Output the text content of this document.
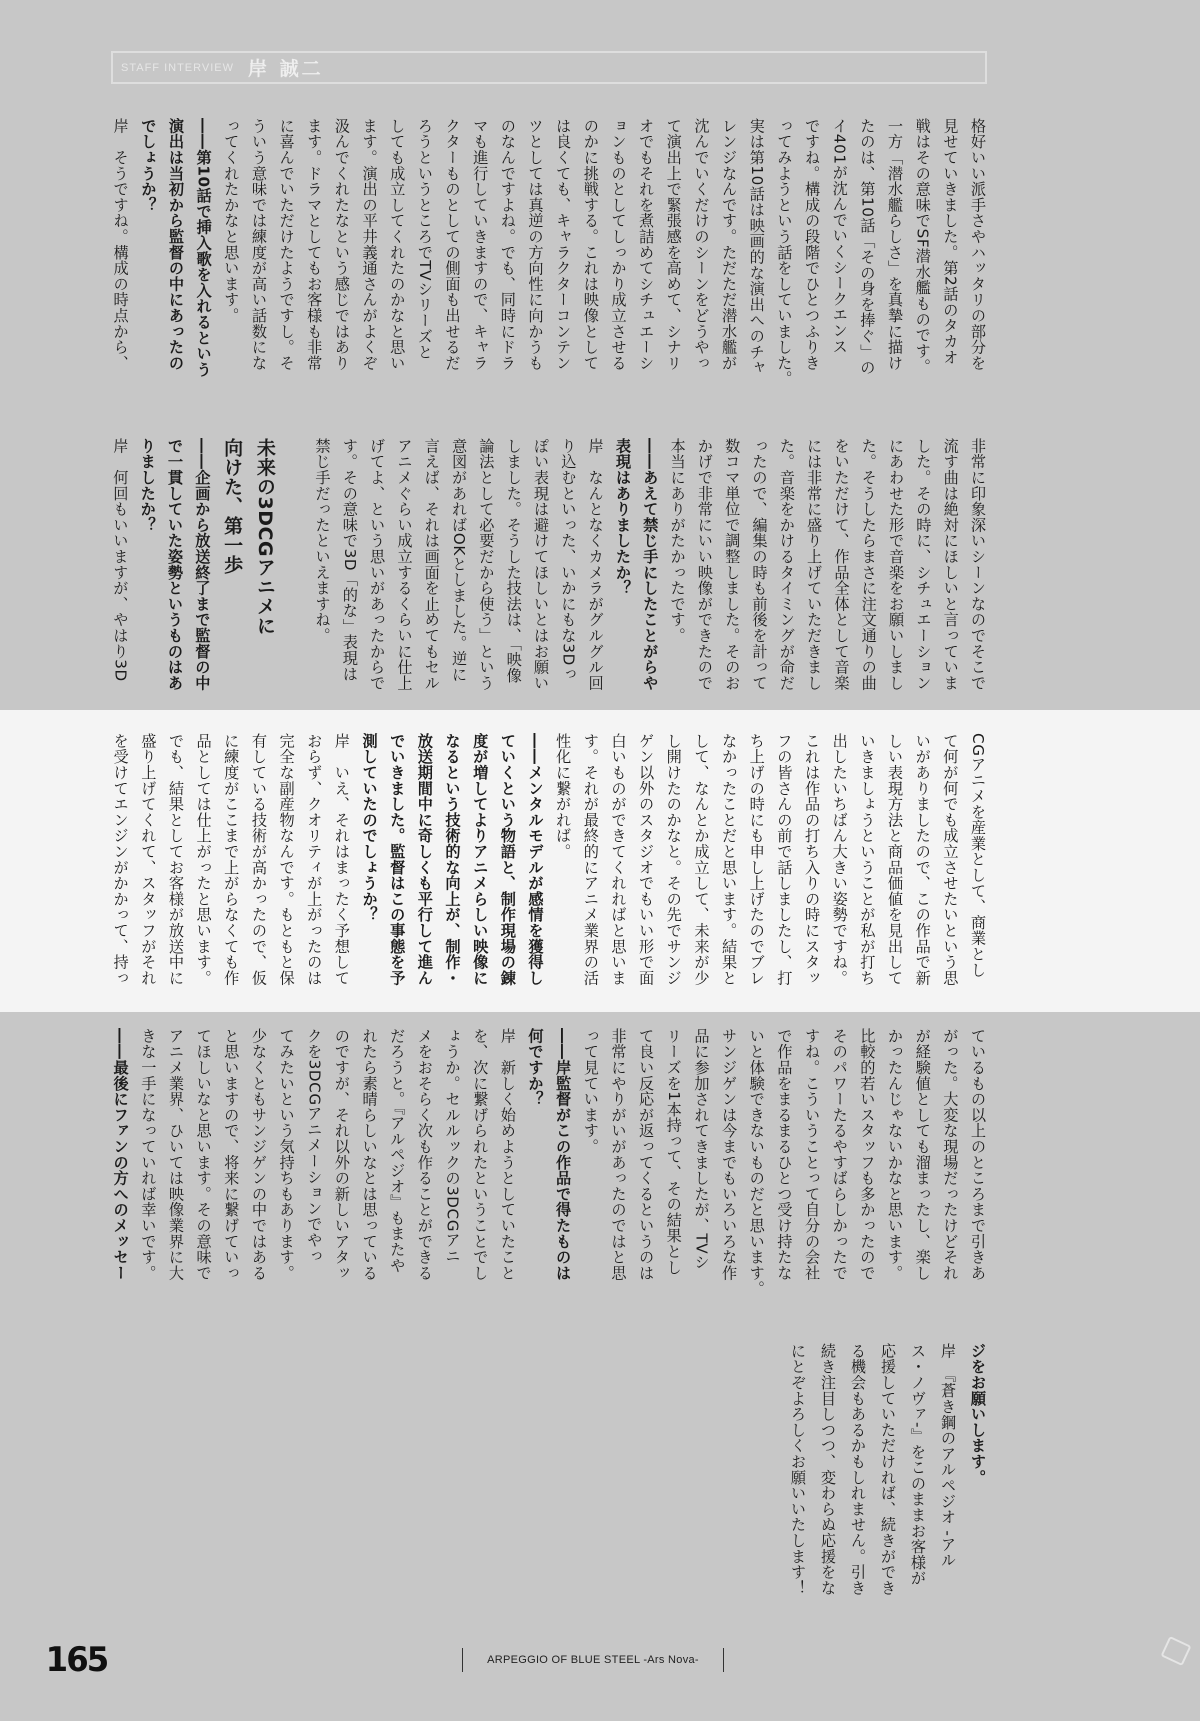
STAFF INTERVIEW 岸 誠二
格好いい派手さやハッタリの部分を
見せていきました。第2話のタカオ
戦はその意味でSF潜水艦ものです。
一方「潜水艦らしさ」を真摯に描け
たのは、第10話「その身を捧ぐ」の
イ401が沈んでいくシークエンス
ですね。構成の段階でひとつふりき
ってみようという話をしていました。
実は第10話は映画的な演出へのチャ
レンジなんです。ただただ潜水艦が
沈んでいくだけのシーンをどうやっ
て演出上で緊張感を高めて、シナリ
オでもそれを煮詰めてシチュエーシ
ョンものとしてしっかり成立させる
のかに挑戦する。これは映像として
は良くても、キャラクターコンテン
ツとしては真逆の方向性に向かうも
のなんですよね。でも、同時にドラ
マも進行していきますので、キャラ
クターものとしての側面も出せるだ
ろうというところでTVシリーズと
しても成立してくれたのかなと思い
ます。演出の平井義通さんがよくぞ
汲んでくれたなという感じではあり
ます。ドラマとしてもお客様も非常
に喜んでいただけたようですし。そ
ういう意味では練度が高い話数にな
ってくれたかなと思います。
――第10話で挿入歌を入れるという
演出は当初から監督の中にあったの
でしょうか？
岸　そうですね。構成の時点から、
非常に印象深いシーンなのでそこで
流す曲は絶対にほしいと言っていま
した。その時に、シチュエーション
にあわせた形で音楽をお願いしまし
た。そうしたらまさに注文通りの曲
をいただけて、作品全体として音楽
には非常に盛り上げていただきまし
た。音楽をかけるタイミングが命だ
ったので、編集の時も前後を計って
数コマ単位で調整しました。そのお
かげで非常にいい映像ができたので
本当にありがたかったです。
――あえて禁じ手にしたことがらや
表現はありましたか？
岸　なんとなくカメラがグルグル回
り込むといった、いかにもな3Dっ
ぽい表現は避けてほしいとはお願い
しました。そうした技法は、「映像
論法として必要だから使う」という
意図があればOKとしました。逆に
言えば、それは画面を止めてもセル
アニメぐらい成立するくらいに仕上
げてよ、という思いがあったからで
す。その意味で3D「的な」表現は
禁じ手だったといえますね。
未来の3DCGアニメに
向けた、第一歩
――企画から放送終了まで監督の中
で一貫していた姿勢というものはあ
りましたか？
岸　何回もいいますが、やはり3D
CGアニメを産業として、商業とし
て何が何でも成立させたいという思
いがありましたので、この作品で新
しい表現方法と商品価値を見出して
いきましょうということが私が打ち
出したいちばん大きい姿勢ですね。
これは作品の打ち入りの時にスタッ
フの皆さんの前で話しましたし、打
ち上げの時にも申し上げたのでブレ
なかったことだと思います。結果と
して、なんとか成立して、未来が少
し開けたのかなと。その先でサンジ
ゲン以外のスタジオでもいい形で面
白いものができてくれればと思いま
す。それが最終的にアニメ業界の活
性化に繋がれば。
――メンタルモデルが感情を獲得し
ていくという物語と、制作現場の錬
度が増してよりアニメらしい映像に
なるという技術的な向上が、制作・
放送期間中に奇しくも平行して進ん
でいきました。監督はこの事態を予
測していたのでしょうか？
岸　いえ、それはまったく予想して
おらず、クオリティが上がったのは
完全な副産物なんです。もともと保
有している技術が高かったので、仮
に練度がここまで上がらなくても作
品としては仕上がったと思います。
でも、結果としてお客様が放送中に
盛り上げてくれて、スタッフがそれ
を受けてエンジンがかかって、持っ
ているもの以上のところまで引きあ
がった。大変な現場だったけどそれ
が経験値としても溜まったし、楽し
かったんじゃないかなと思います。
比較的若いスタッフも多かったので
そのパワーたるやすばらしかったで
すね。こういうことって自分の会社
で作品をまるまるひとつ受け持たな
いと体験できないものだと思います。
サンジゲンは今までもいろいろな作
品に参加されてきましたが、TVシ
リーズを1本持って、その結果とし
て良い反応が返ってくるというのは
非常にやりがいがあったのではと思
って見ています。
――岸監督がこの作品で得たものは
何ですか？
岸　新しく始めようとしていたこと
を、次に繋げられたということでし
ょうか。セルルックの3DCGアニ
メをおそらく次も作ることができる
だろうと。『アルペジオ』もまたや
れたら素晴らしいなとは思っている
のですが、それ以外の新しいアタッ
クを3DCGアニメーションでやっ
てみたいという気持ちもあります。
少なくともサンジゲンの中ではある
と思いますので、将来に繋げていっ
てほしいなと思います。その意味で
アニメ業界、ひいては映像業界に大
きな一手になっていれば幸いです。
――最後にファンの方へのメッセー
ジをお願いします。
岸　『蒼き鋼のアルペジオ -アル
ス・ノヴァ-』をこのままお客様が
応援していただければ、続きができ
る機会もあるかもしれません。引き
続き注目しつつ、変わらぬ応援をな
にとぞよろしくお願いいたします！
165	ARPEGGIO OF BLUE STEEL -Ars Nova-
